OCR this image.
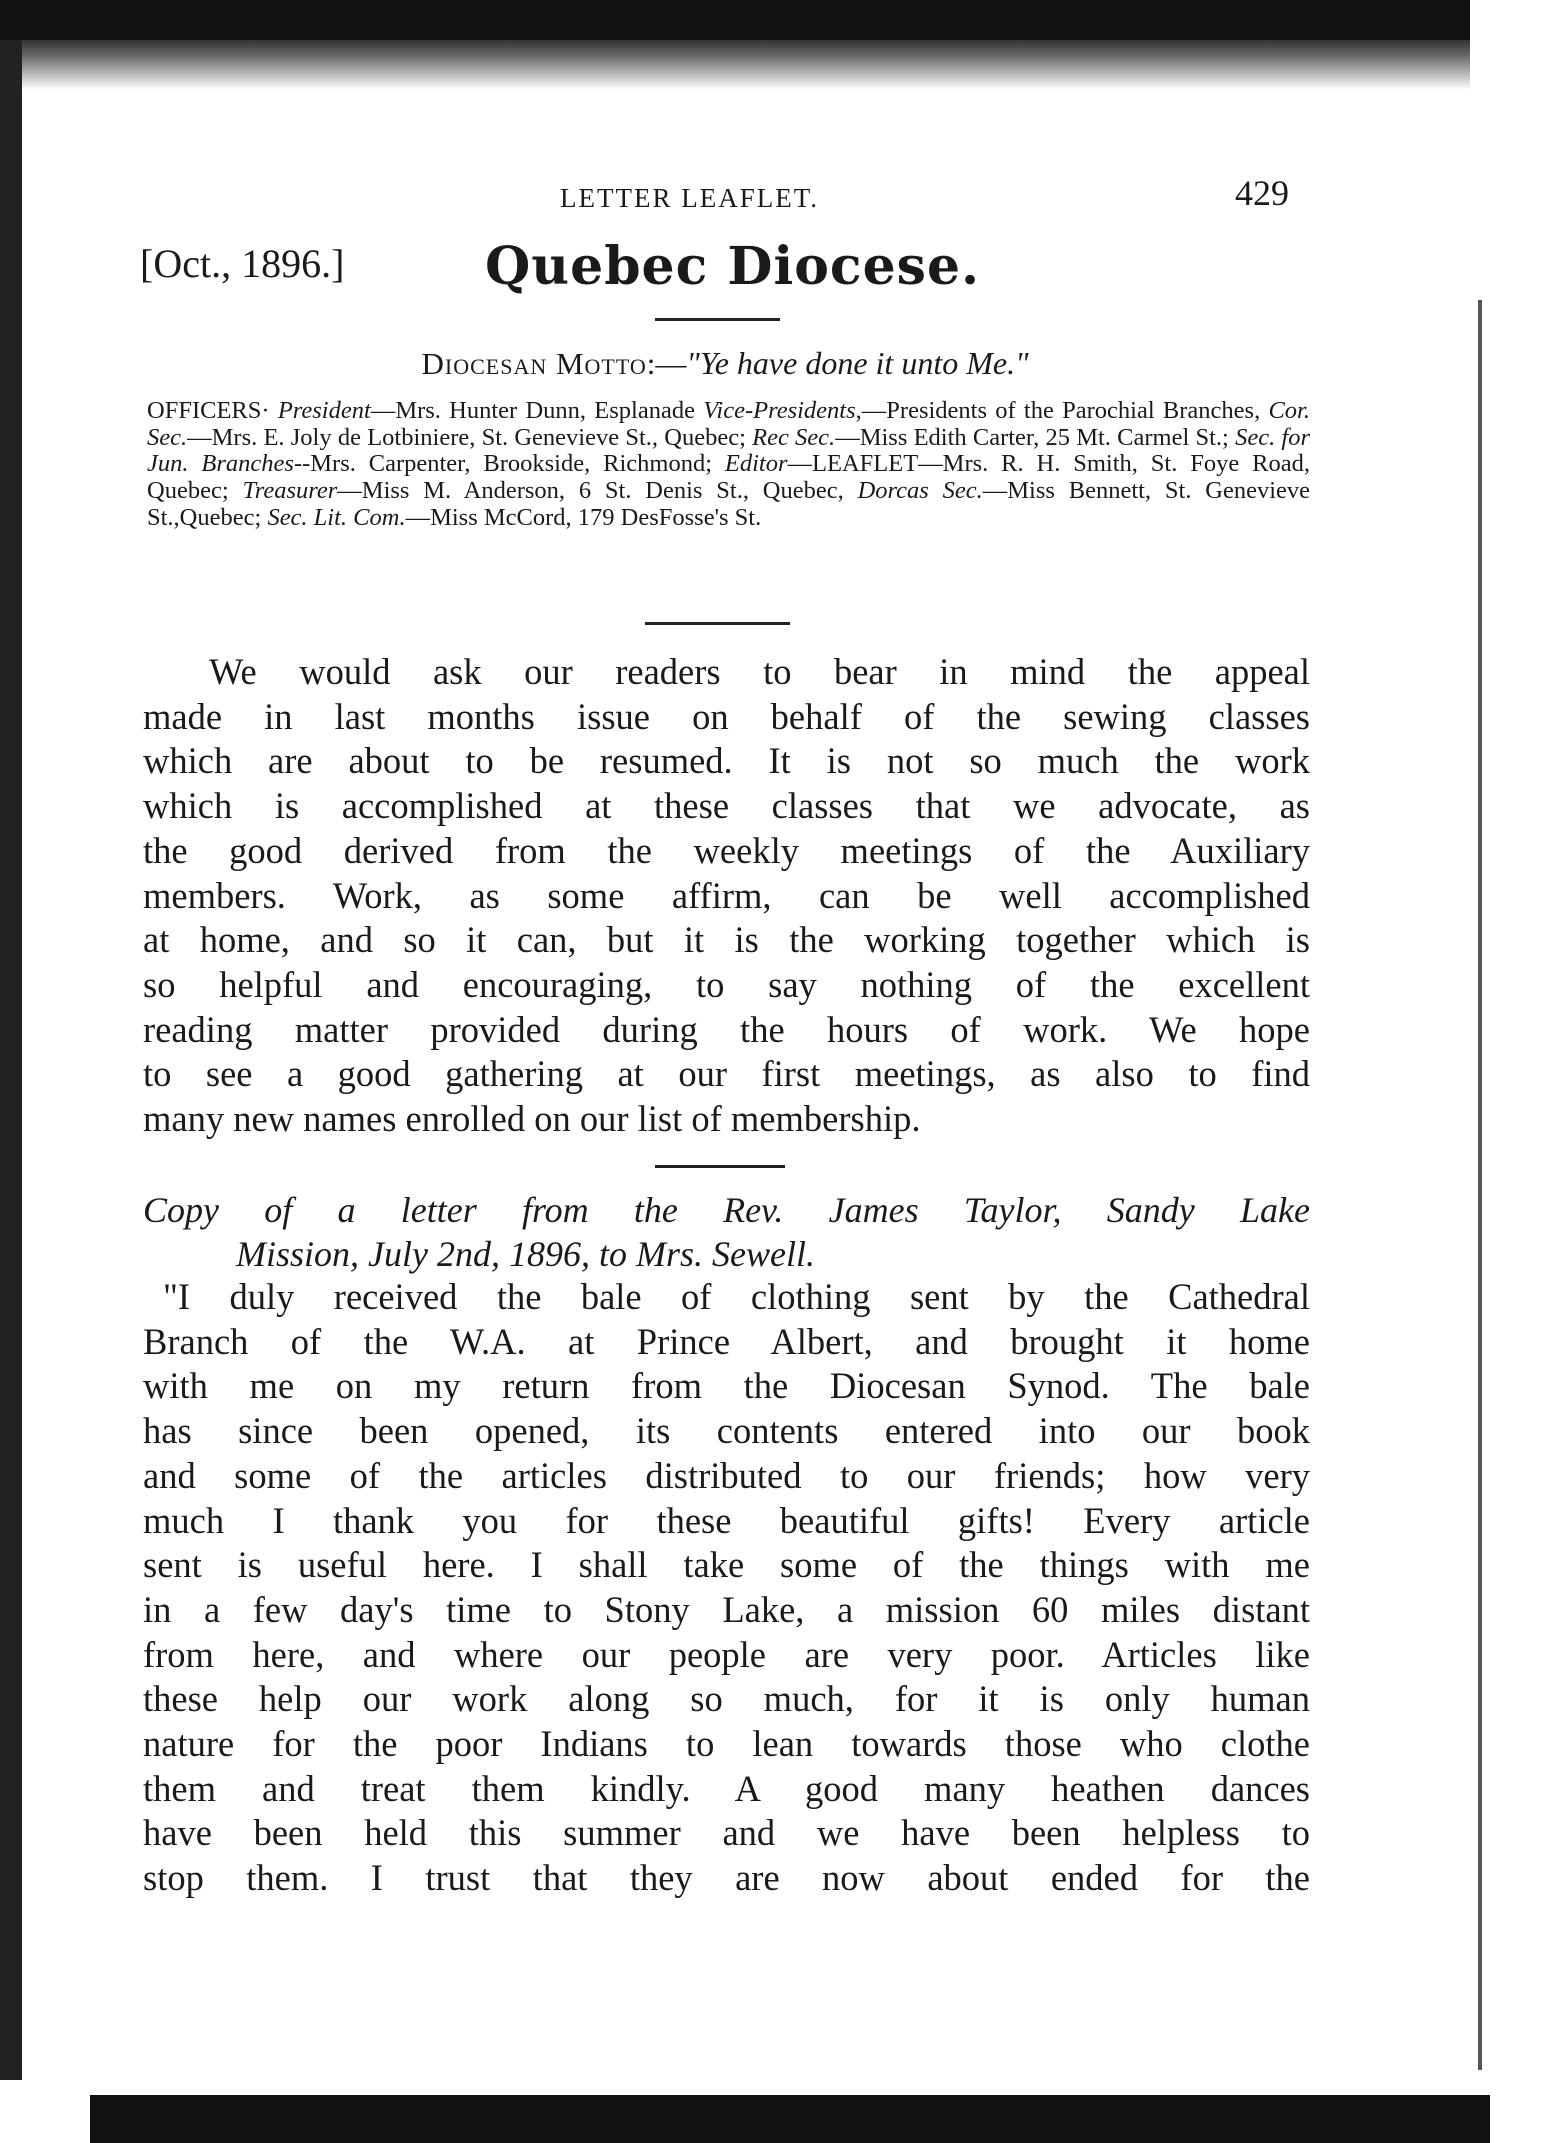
LETTER LEAFLET.	429
[Oct., 1896.]	Quebec Diocese.
Diocesan Motto:—"Ye have done it unto Me."
OFFICERS· President—Mrs. Hunter Dunn, Esplanade Vice-Presidents,—Presidents of the Parochial Branches, Cor. Sec.—Mrs. E. Joly de Lotbiniere, St. Genevieve St., Quebec; Rec Sec.—Miss Edith Carter, 25 Mt. Carmel St.; Sec. for Jun. Branches--Mrs. Carpenter, Brookside, Richmond; Editor—LEAFLET—Mrs. R. H. Smith, St. Foye Road, Quebec; Treasurer—Miss M. Anderson, 6 St. Denis St., Quebec, Dorcas Sec.—Miss Bennett, St. Genevieve St.,Quebec; Sec. Lit. Com.—Miss McCord, 179 DesFosse's St.
We would ask our readers to bear in mind the appeal
made in last months issue on behalf of the sewing classes
which are about to be resumed. It is not so much the work
which is accomplished at these classes that we advocate, as
the good derived from the weekly meetings of the Auxiliary
members. Work, as some affirm, can be well accomplished
at home, and so it can, but it is the working together which is
so helpful and encouraging, to say nothing of the excellent
reading matter provided during the hours of work. We hope
to see a good gathering at our first meetings, as also to find
many new names enrolled on our list of membership.
Copy of a letter from the Rev. James Taylor, Sandy Lake
Mission, July 2nd, 1896, to Mrs. Sewell.
"I duly received the bale of clothing sent by the Cathedral
Branch of the W.A. at Prince Albert, and brought it home
with me on my return from the Diocesan Synod. The bale
has since been opened, its contents entered into our book
and some of the articles distributed to our friends; how very
much I thank you for these beautiful gifts! Every article
sent is useful here. I shall take some of the things with me
in a few day's time to Stony Lake, a mission 60 miles distant
from here, and where our people are very poor. Articles like
these help our work along so much, for it is only human
nature for the poor Indians to lean towards those who clothe
them and treat them kindly. A good many heathen dances
have been held this summer and we have been helpless to
stop them. I trust that they are now about ended for the
